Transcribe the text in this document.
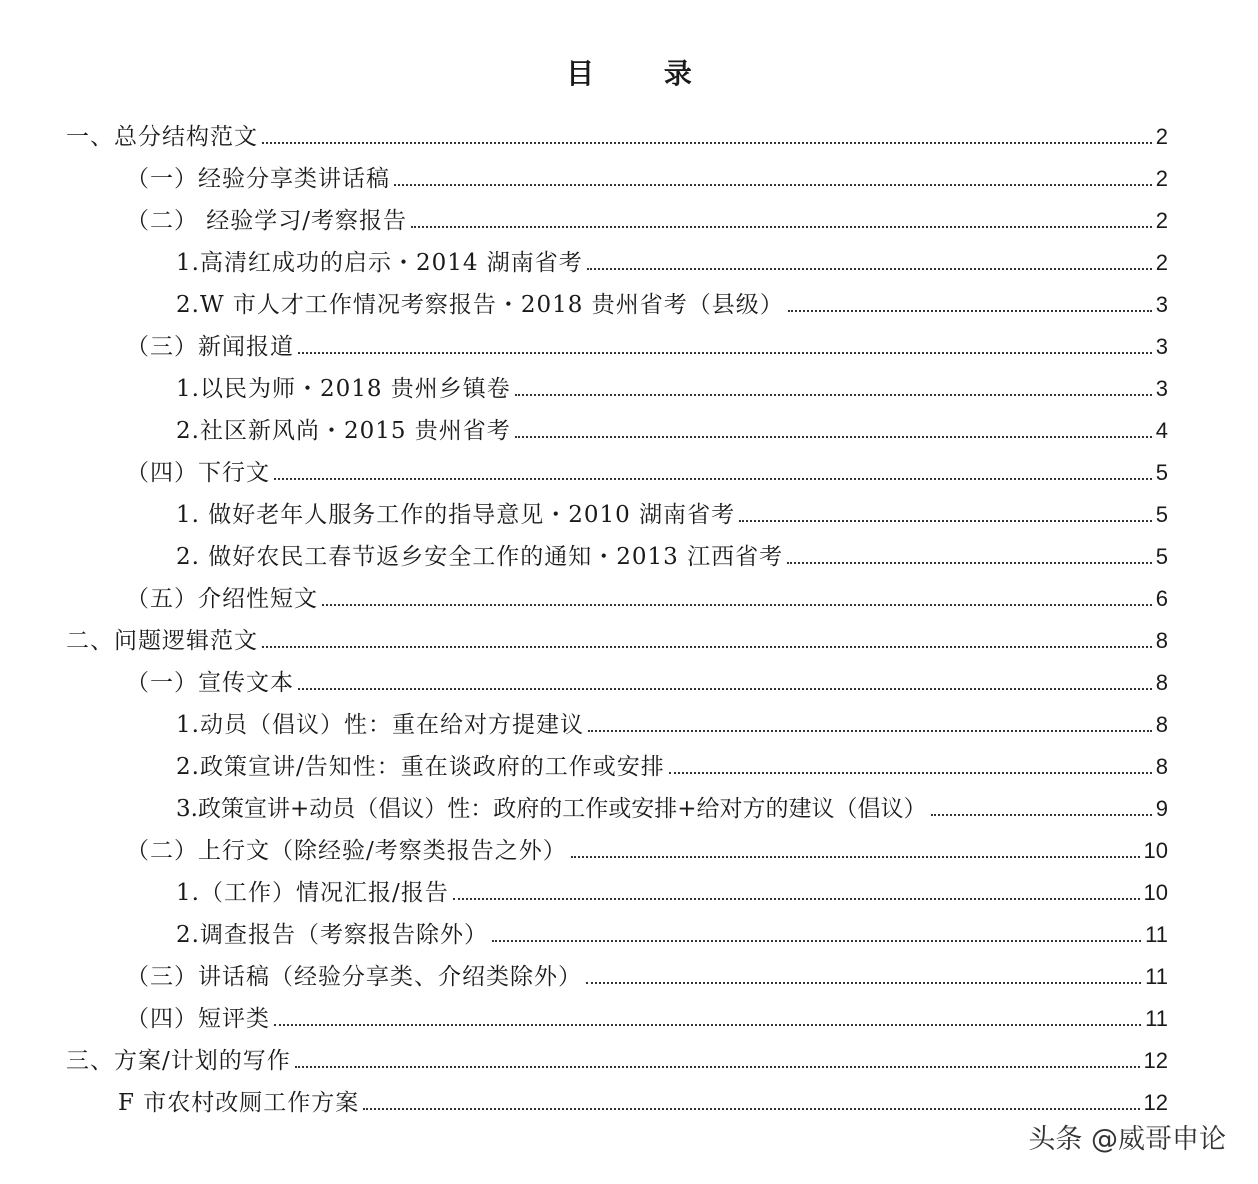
目 录
一、总分结构范文	2
（一）经验分享类讲话稿	2
（二） 经验学习/考察报告	2
1.高清红成功的启示・2014 湖南省考	2
2.W 市人才工作情况考察报告・2018 贵州省考（县级）	3
（三）新闻报道	3
1.以民为师・2018 贵州乡镇卷	3
2.社区新风尚・2015 贵州省考	4
（四）下行文	5
1. 做好老年人服务工作的指导意见・2010 湖南省考	5
2. 做好农民工春节返乡安全工作的通知・2013 江西省考	5
（五）介绍性短文	6
二、问题逻辑范文	8
（一）宣传文本	8
1.动员（倡议）性：重在给对方提建议	8
2.政策宣讲/告知性：重在谈政府的工作或安排	8
3.政策宣讲+动员（倡议）性：政府的工作或安排+给对方的建议（倡议）	9
（二）上行文（除经验/考察类报告之外）	10
1.（工作）情况汇报/报告	10
2.调查报告（考察报告除外）	11
（三）讲话稿（经验分享类、介绍类除外）	11
（四）短评类	11
三、方案/计划的写作	12
F 市农村改厕工作方案	12
头条 @威哥申论
